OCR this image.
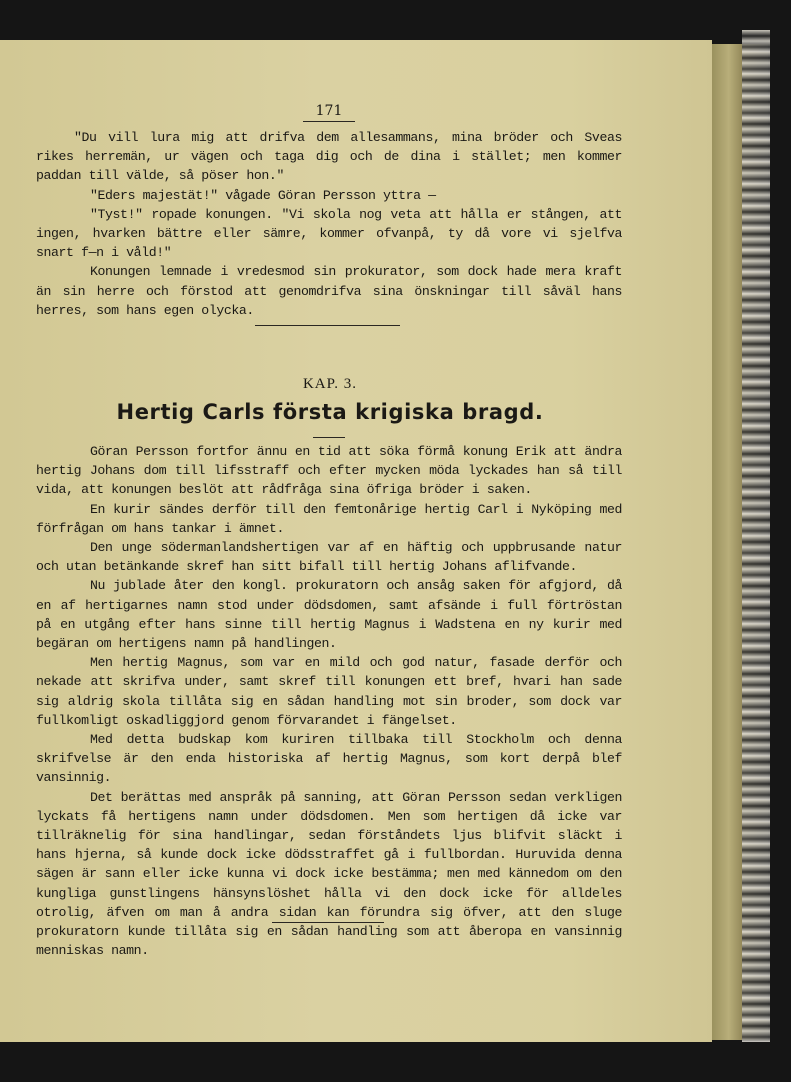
171

"Du vill lura mig att drifva dem allesammans, mina bröder och Sveas rikes herremän, ur vägen och taga dig och de dina i stället; men kommer paddan till välde, så pöser hon."

"Eders majestät!" vågade Göran Persson yttra —

"Tyst!" ropade konungen. "Vi skola nog veta att hålla er stången, att ingen, hvarken bättre eller sämre, kommer ofvanpå, ty då vore vi sjelfva snart f—n i våld!"

Konungen lemnade i vredesmod sin prokurator, som dock hade mera kraft än sin herre och förstod att genomdrifva sina önskningar till såväl hans herres, som hans egen olycka.

KAP. 3.
Hertig Carls första krigiska bragd.

Göran Persson fortfor ännu en tid att söka förmå konung Erik att ändra hertig Johans dom till lifsstraff och efter mycken möda lyckades han så till vida, att konungen beslöt att rådfråga sina öfriga bröder i saken.

En kurir sändes derför till den femtonårige hertig Carl i Nyköping med förfrågan om hans tankar i ämnet.

Den unge södermanlandshertigen var af en häftig och uppbrusande natur och utan betänkande skref han sitt bifall till hertig Johans aflifvande.

Nu jublade åter den kongl. prokuratorn och ansåg saken för afgjord, då en af hertigarnes namn stod under dödsdomen, samt afsände i full förtröstan på en utgång efter hans sinne till hertig Magnus i Wadstena en ny kurir med begäran om hertigens namn på handlingen.

Men hertig Magnus, som var en mild och god natur, fasade derför och nekade att skrifva under, samt skref till konungen ett bref, hvari han sade sig aldrig skola tillåta sig en sådan handling mot sin broder, som dock var fullkomligt oskadliggjord genom förvarandet i fängelset.

Med detta budskap kom kuriren tillbaka till Stockholm och denna skrifvelse är den enda historiska af hertig Magnus, som kort derpå blef vansinnig.

Det berättas med anspråk på sanning, att Göran Persson sedan verkligen lyckats få hertigens namn under dödsdomen. Men som hertigen då icke var tillräknelig för sina handlingar, sedan förståndets ljus blifvit släckt i hans hjerna, så kunde dock icke dödsstraffet gå i fullbordan. Huruvida denna sägen är sann eller icke kunna vi dock icke bestämma; men med kännedom om den kungliga gunstlingens hänsynslöshet hålla vi den dock icke för alldeles otrolig, äfven om man å andra sidan kan förundra sig öfver, att den sluge prokuratorn kunde tillåta sig en sådan handling som att åberopa en vansinnig menniskas namn.
